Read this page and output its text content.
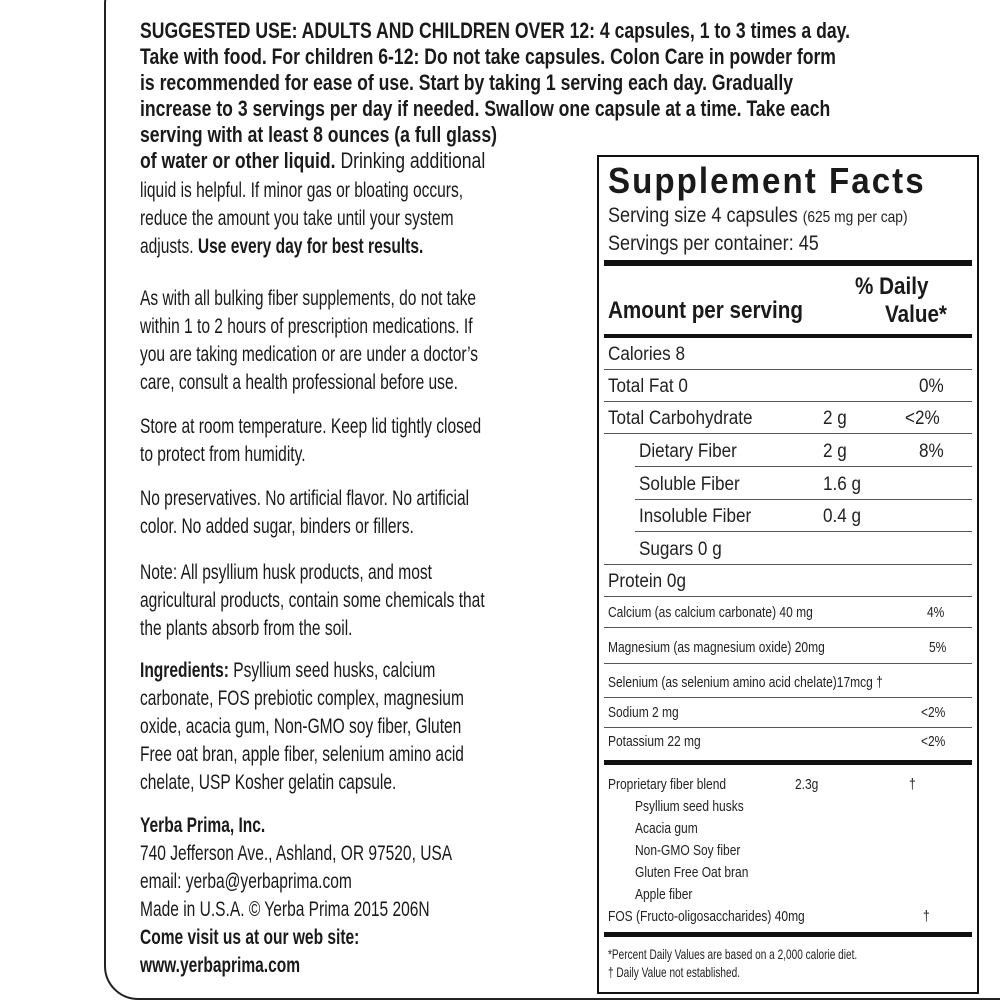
SUGGESTED USE: ADULTS AND CHILDREN OVER 12: 4 capsules, 1 to 3 times a day.
Take with food. For children 6-12: Do not take capsules. Colon Care in powder form
is recommended for ease of use. Start by taking 1 serving each day. Gradually
increase to 3 servings per day if needed. Swallow one capsule at a time. Take each
serving with at least 8 ounces (a full glass)
of water or other liquid. Drinking additional
liquid is helpful. If minor gas or bloating occurs,
reduce the amount you take until your system
adjusts. Use every day for best results.
As with all bulking fiber supplements, do not take
within 1 to 2 hours of prescription medications. If
you are taking medication or are under a doctor’s
care, consult a health professional before use.
Store at room temperature. Keep lid tightly closed
to protect from humidity.
No preservatives. No artificial flavor. No artificial
color. No added sugar, binders or fillers.
Note: All psyllium husk products, and most
agricultural products, contain some chemicals that
the plants absorb from the soil.
Ingredients: Psyllium seed husks, calcium
carbonate, FOS prebiotic complex, magnesium
oxide, acacia gum, Non-GMO soy fiber, Gluten
Free oat bran, apple fiber, selenium amino acid
chelate, USP Kosher gelatin capsule.
Yerba Prima, Inc.
740 Jefferson Ave., Ashland, OR 97520, USA
email: yerba@yerbaprima.com
Made in U.S.A. © Yerba Prima 2015 206N
Come visit us at our web site:
www.yerbaprima.com
Supplement Facts
Serving size 4 capsules (625 mg per cap)
Servings per container: 45
Amount per serving
% Daily
Value*
Calories 8
Total Fat 0	0%
Total Carbohydrate	2 g	<2%
Dietary Fiber	2 g	8%
Soluble Fiber	1.6 g
Insoluble Fiber	0.4 g
Sugars 0 g
Protein 0g
Calcium (as calcium carbonate) 40 mg	4%
Magnesium (as magnesium oxide) 20mg	5%
Selenium (as selenium amino acid chelate)17mcg †
Sodium 2 mg	<2%
Potassium 22 mg	<2%
Proprietary fiber blend	2.3g	†
Psyllium seed husks
Acacia gum
Non-GMO Soy fiber
Gluten Free Oat bran
Apple fiber
FOS (Fructo-oligosaccharides) 40mg	†
*Percent Daily Values are based on a 2,000 calorie diet.
† Daily Value not established.
